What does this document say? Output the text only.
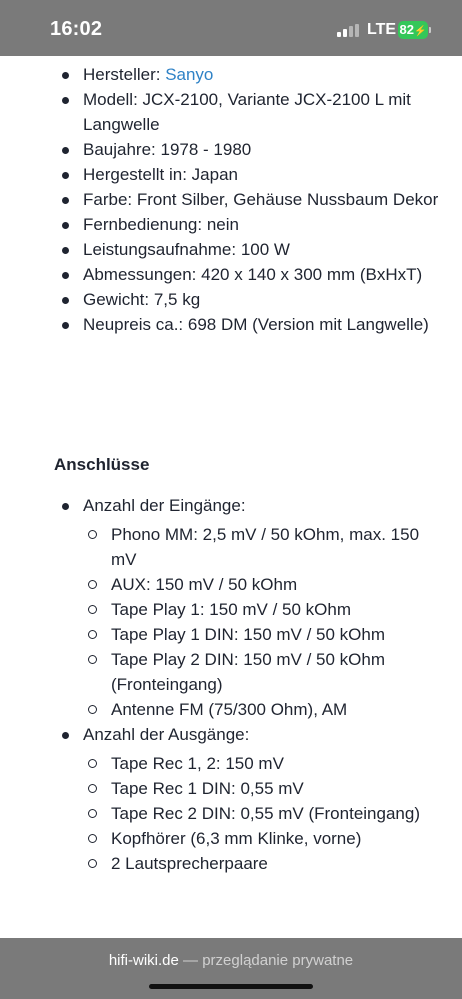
16:02	LTE 82⚡
Hersteller: Sanyo
Modell: JCX-2100, Variante JCX-2100 L mit Langwelle
Baujahre: 1978 - 1980
Hergestellt in: Japan
Farbe: Front Silber, Gehäuse Nussbaum Dekor
Fernbedienung: nein
Leistungsaufnahme: 100 W
Abmessungen: 420 x 140 x 300 mm (BxHxT)
Gewicht: 7,5 kg
Neupreis ca.: 698 DM (Version mit Langwelle)
Anschlüsse
Anzahl der Eingänge:
Phono MM: 2,5 mV / 50 kOhm, max. 150 mV
AUX: 150 mV / 50 kOhm
Tape Play 1: 150 mV / 50 kOhm
Tape Play 1 DIN: 150 mV / 50 kOhm
Tape Play 2 DIN: 150 mV / 50 kOhm (Fronteingang)
Antenne FM (75/300 Ohm), AM
Anzahl der Ausgänge:
Tape Rec 1, 2: 150 mV
Tape Rec 1 DIN: 0,55 mV
Tape Rec 2 DIN: 0,55 mV (Fronteingang)
Kopfhörer (6,3 mm Klinke, vorne)
2 Lautsprecherpaare
hifi-wiki.de — przeglądanie prywatne
